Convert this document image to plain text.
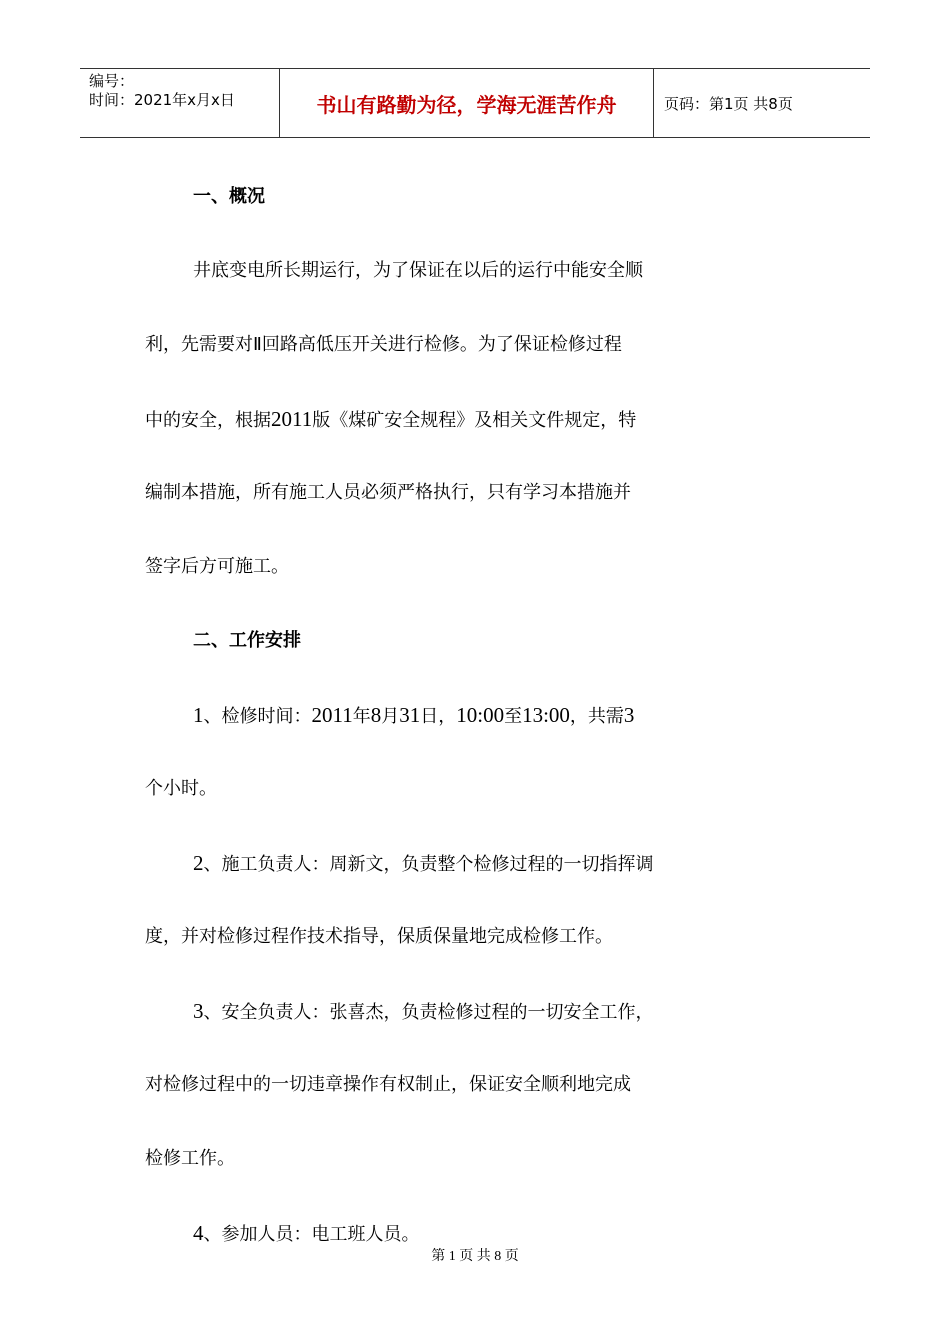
编号：
时间：2021年x月x日	书山有路勤为径，学海无涯苦作舟	页码：第1页 共8页
一、概况
井底变电所长期运行，为了保证在以后的运行中能安全顺
利，先需要对Ⅱ回路高低压开关进行检修。为了保证检修过程
中的安全，根据2011版《煤矿安全规程》及相关文件规定，特
编制本措施，所有施工人员必须严格执行，只有学习本措施并
签字后方可施工。
二、工作安排
1、检修时间：2011年8月31日，10:00至13:00，共需3
个小时。
2、施工负责人：周新文，负责整个检修过程的一切指挥调
度，并对检修过程作技术指导，保质保量地完成检修工作。
3、安全负责人：张喜杰，负责检修过程的一切安全工作，
对检修过程中的一切违章操作有权制止，保证安全顺利地完成
检修工作。
4、参加人员：电工班人员。
第 1 页 共 8 页
